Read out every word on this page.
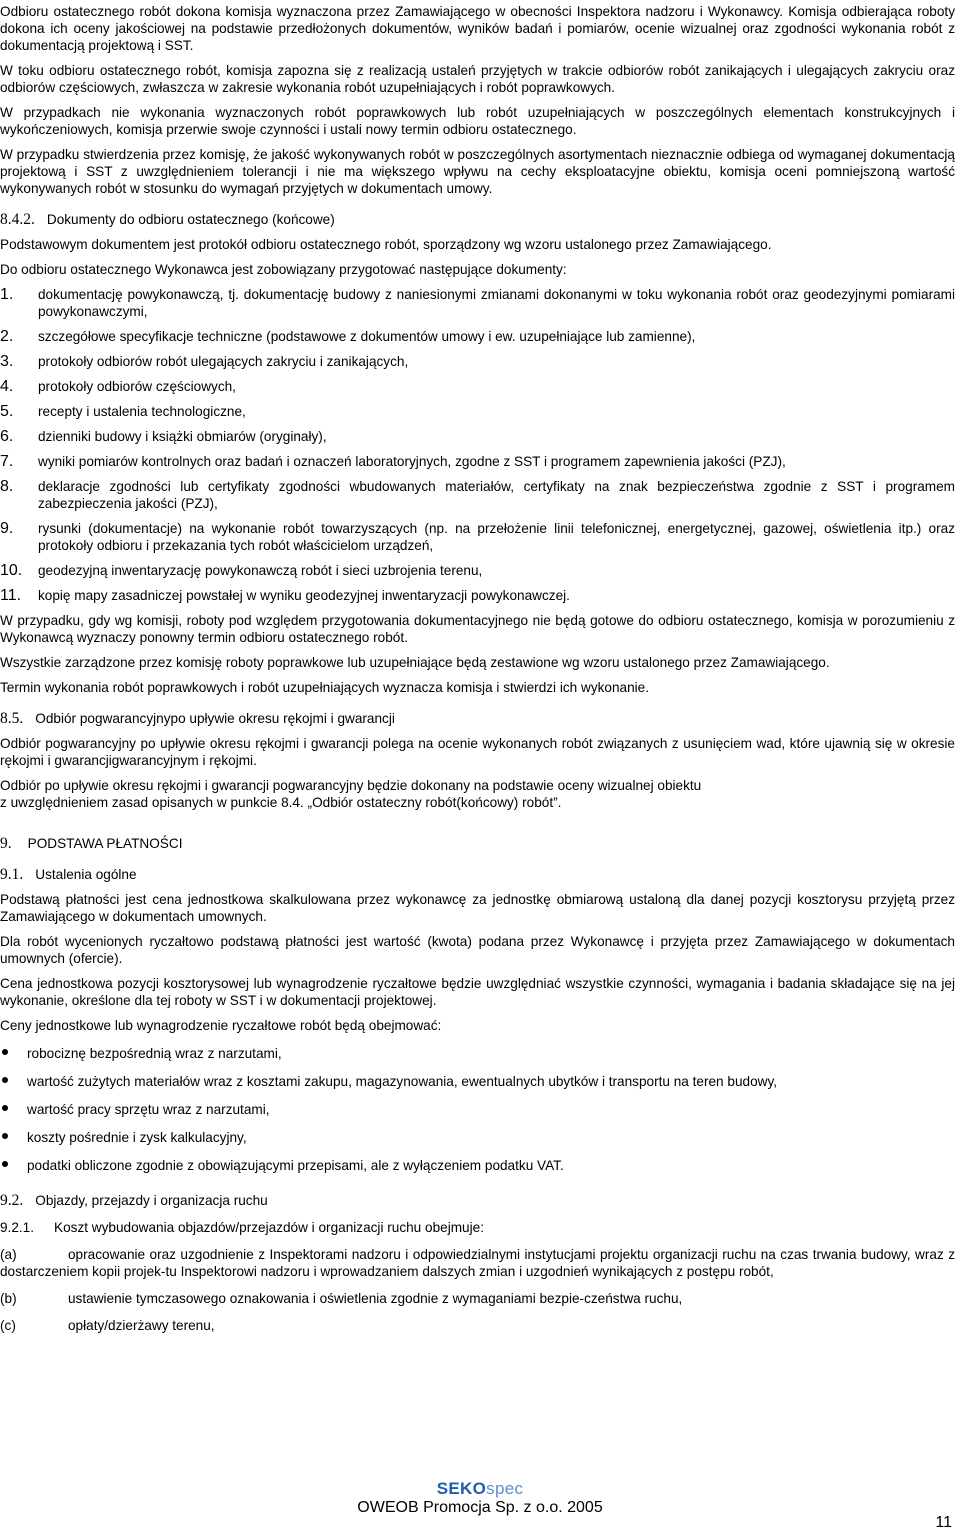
Odbioru ostatecznego robót dokona komisja wyznaczona przez Zamawiającego w obecności Inspektora nadzoru i Wykonawcy. Komisja odbierająca roboty dokona ich oceny jakościowej na podstawie przedłożonych dokumentów, wyników badań i pomiarów, ocenie wizualnej oraz zgodności wykonania robót z dokumentacją projektową i SST.

W toku odbioru ostatecznego robót, komisja zapozna się z realizacją ustaleń przyjętych w trakcie odbiorów robót zanikających i ulegających zakryciu oraz odbiorów częściowych, zwłaszcza w zakresie wykonania robót uzupełniających i robót poprawkowych.

W przypadkach nie wykonania wyznaczonych robót poprawkowych lub robót uzupełniających w poszczególnych elementach konstrukcyjnych i wykończeniowych, komisja przerwie swoje czynności i ustali nowy termin odbioru ostatecznego.

W przypadku stwierdzenia przez komisję, że jakość wykonywanych robót w poszczególnych asortymentach nieznacznie odbiega od wymaganej dokumentacją projektową i SST z uwzględnieniem tolerancji i nie ma większego wpływu na cechy eksploatacyjne obiektu, komisja oceni pomniejszoną wartość wykonywanych robót w stosunku do wymagań przyjętych w dokumentach umowy.

8.4.2. Dokumenty do odbioru ostatecznego (końcowe)

Podstawowym dokumentem jest protokół odbioru ostatecznego robót, sporządzony wg wzoru ustalonego przez Zamawiającego.

Do odbioru ostatecznego Wykonawca jest zobowiązany przygotować następujące dokumenty:

1.	dokumentację powykonawczą, tj. dokumentację budowy z naniesionymi zmianami dokonanymi w toku wykonania robót oraz geodezyjnymi pomiarami powykonawczymi,
2.	szczegółowe specyfikacje techniczne (podstawowe z dokumentów umowy i ew. uzupełniające lub zamienne),
3.	protokoły odbiorów robót ulegających zakryciu i zanikających,
4.	protokoły odbiorów częściowych,
5.	recepty i ustalenia technologiczne,
6.	dzienniki budowy i książki obmiarów (oryginały),
7.	wyniki pomiarów kontrolnych oraz badań i oznaczeń laboratoryjnych, zgodne z SST i programem zapewnienia jakości (PZJ),
8.	deklaracje zgodności lub certyfikaty zgodności wbudowanych materiałów, certyfikaty na znak bezpieczeństwa zgodnie z SST i programem zabezpieczenia jakości (PZJ),
9.	rysunki (dokumentacje) na wykonanie robót towarzyszących (np. na przełożenie linii telefonicznej, energetycznej, gazowej, oświetlenia itp.) oraz protokoły odbioru i przekazania tych robót właścicielom urządzeń,
10.	geodezyjną inwentaryzację powykonawczą robót i sieci uzbrojenia terenu,
11.	kopię mapy zasadniczej powstałej w wyniku geodezyjnej inwentaryzacji powykonawczej.

W przypadku, gdy wg komisji, roboty pod względem przygotowania dokumentacyjnego nie będą gotowe do odbioru ostatecznego, komisja w porozumieniu z Wykonawcą wyznaczy ponowny termin odbioru ostatecznego robót.

Wszystkie zarządzone przez komisję roboty poprawkowe lub uzupełniające będą zestawione wg wzoru ustalonego przez Zamawiającego.

Termin wykonania robót poprawkowych i robót uzupełniających wyznacza komisja i stwierdzi ich wykonanie.

8.5. Odbiór pogwarancyjnypo upływie okresu rękojmi i gwarancji

Odbiór pogwarancyjny po upływie okresu rękojmi i gwarancji polega na ocenie wykonanych robót związanych z usunięciem wad, które ujawnią się w okresie rękojmi i gwarancjigwarancyjnym i rękojmi.

Odbiór po upływie okresu rękojmi i gwarancji pogwarancyjny będzie dokonany na podstawie oceny wizualnej obiektu
z uwzględnieniem zasad opisanych w punkcie 8.4. „Odbiór ostateczny robót(końcowy) robót”.

9. PODSTAWA PŁATNOŚCI
9.1. Ustalenia ogólne

Podstawą płatności jest cena jednostkowa skalkulowana przez wykonawcę za jednostkę obmiarową ustaloną dla danej pozycji kosztorysu przyjętą przez Zamawiającego w dokumentach umownych.

Dla robót wycenionych ryczałtowo podstawą płatności jest wartość (kwota) podana przez Wykonawcę i przyjęta przez Zamawiającego w dokumentach umownych (ofercie).

Cena jednostkowa pozycji kosztorysowej lub wynagrodzenie ryczałtowe będzie uwzględniać wszystkie czynności, wymagania i badania składające się na jej wykonanie, określone dla tej roboty w SST i w dokumentacji projektowej.

Ceny jednostkowe lub wynagrodzenie ryczałtowe robót będą obejmować:

robociznę bezpośrednią wraz z narzutami,
wartość zużytych materiałów wraz z kosztami zakupu, magazynowania, ewentualnych ubytków i transportu na teren budowy,
wartość pracy sprzętu wraz z narzutami,
koszty pośrednie i zysk kalkulacyjny,
podatki obliczone zgodnie z obowiązującymi przepisami, ale z wyłączeniem podatku VAT.
9.2. Objazdy, przejazdy i organizacja ruchu
9.2.1. Koszt wybudowania objazdów/przejazdów i organizacji ruchu obejmuje:

(a)	opracowanie oraz uzgodnienie z Inspektorami nadzoru i odpowiedzialnymi instytucjami projektu organizacji ruchu na czas trwania budowy, wraz z dostarczeniem kopii projek-tu Inspektorowi nadzoru i wprowadzaniem dalszych zmian i uzgodnień wynikających z postępu robót,

(b)	ustawienie tymczasowego oznakowania i oświetlenia zgodnie z wymaganiami bezpie-czeństwa ruchu,

(c)	opłaty/dzierżawy terenu,

SEKOspec
OWEOB Promocja Sp. z o.o. 2005
11
